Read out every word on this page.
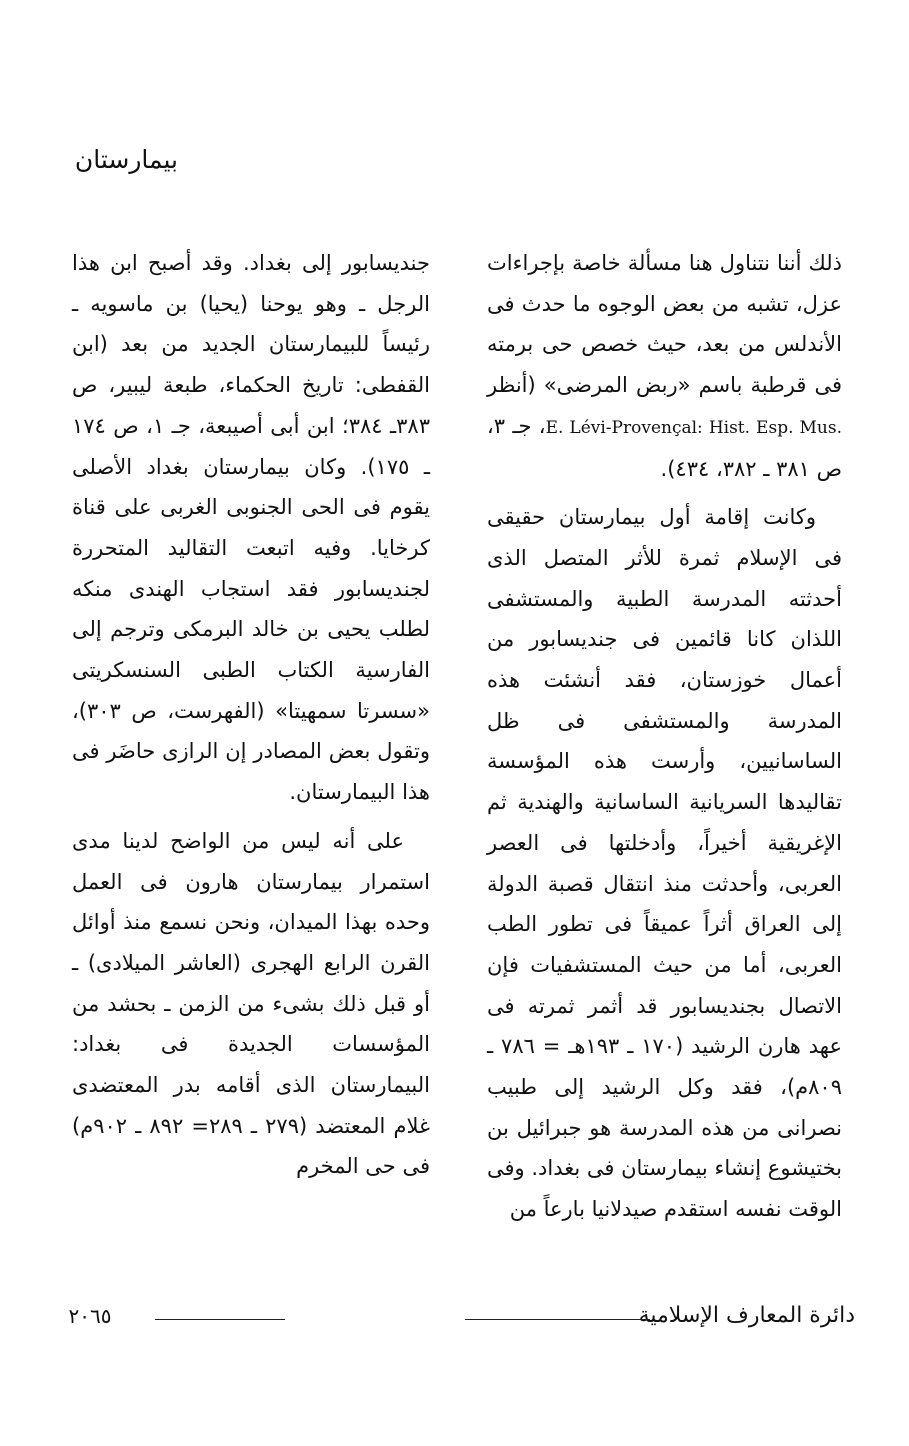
بيمارستان

ذلك أننا نتناول هنا مسألة خاصة بإجراءات عزل، تشبه من بعض الوجوه ما حدث فى الأندلس من بعد، حيث خصص حى برمته فى قرطبة باسم «ربض المرضى» (أنظر E. Lévi-Provençal: Hist. Esp. Mus.، جـ ٣، ص ٣٨١ ـ ٣٨٢، ٤٣٤).

وكانت إقامة أول بيمارستان حقيقى فى الإسلام ثمرة للأثر المتصل الذى أحدثته المدرسة الطبية والمستشفى اللذان كانا قائمين فى جنديسابور من أعمال خوزستان، فقد أنشئت هذه المدرسة والمستشفى فى ظل الساسانيين، وأرست هذه المؤسسة تقاليدها السريانية الساسانية والهندية ثم الإغريقية أخيراً، وأدخلتها فى العصر العربى، وأحدثت منذ انتقال قصبة الدولة إلى العراق أثراً عميقاً فى تطور الطب العربى، أما من حيث المستشفيات فإن الاتصال بجنديسابور قد أثمر ثمرته فى عهد هارن الرشيد (١٧٠ ـ ١٩٣هـ = ٧٨٦ ـ ٨٠٩م)، فقد وكل الرشيد إلى طبيب نصرانى من هذه المدرسة هو جبرائيل بن بختيشوع إنشاء بيمارستان فى بغداد. وفى الوقت نفسه استقدم صيدلانيا بارعاً من

جنديسابور إلى بغداد. وقد أصبح ابن هذا الرجل ـ وهو يوحنا (يحيا) بن ماسويه ـ رئيساً للبيمارستان الجديد من بعد (ابن القفطى: تاريخ الحكماء، طبعة ليبير، ص ٣٨٣ـ ٣٨٤؛ ابن أبى أصيبعة، جـ ١، ص ١٧٤ ـ ١٧٥). وكان بيمارستان بغداد الأصلى يقوم فى الحى الجنوبى الغربى على قناة كرخايا. وفيه اتبعت التقاليد المتحررة لجنديسابور فقد استجاب الهندى منكه لطلب يحيى بن خالد البرمكى وترجم إلى الفارسية الكتاب الطبى السنسكريتى «سسرتا سمهيتا» (الفهرست، ص ٣٠٣)، وتقول بعض المصادر إن الرازى حاضَر فى هذا البيمارستان.

على أنه ليس من الواضح لدينا مدى استمرار بيمارستان هارون فى العمل وحده بهذا الميدان، ونحن نسمع منذ أوائل القرن الرابع الهجرى (العاشر الميلادى) ـ أو قبل ذلك بشىء من الزمن ـ بحشد من المؤسسات الجديدة فى بغداد: البيمارستان الذى أقامه بدر المعتضدى غلام المعتضد (٢٧٩ ـ ٢٨٩= ٨٩٢ ـ ٩٠٢م) فى حى المخرم

دائرة المعارف الإسلامية
٢٠٦٥
